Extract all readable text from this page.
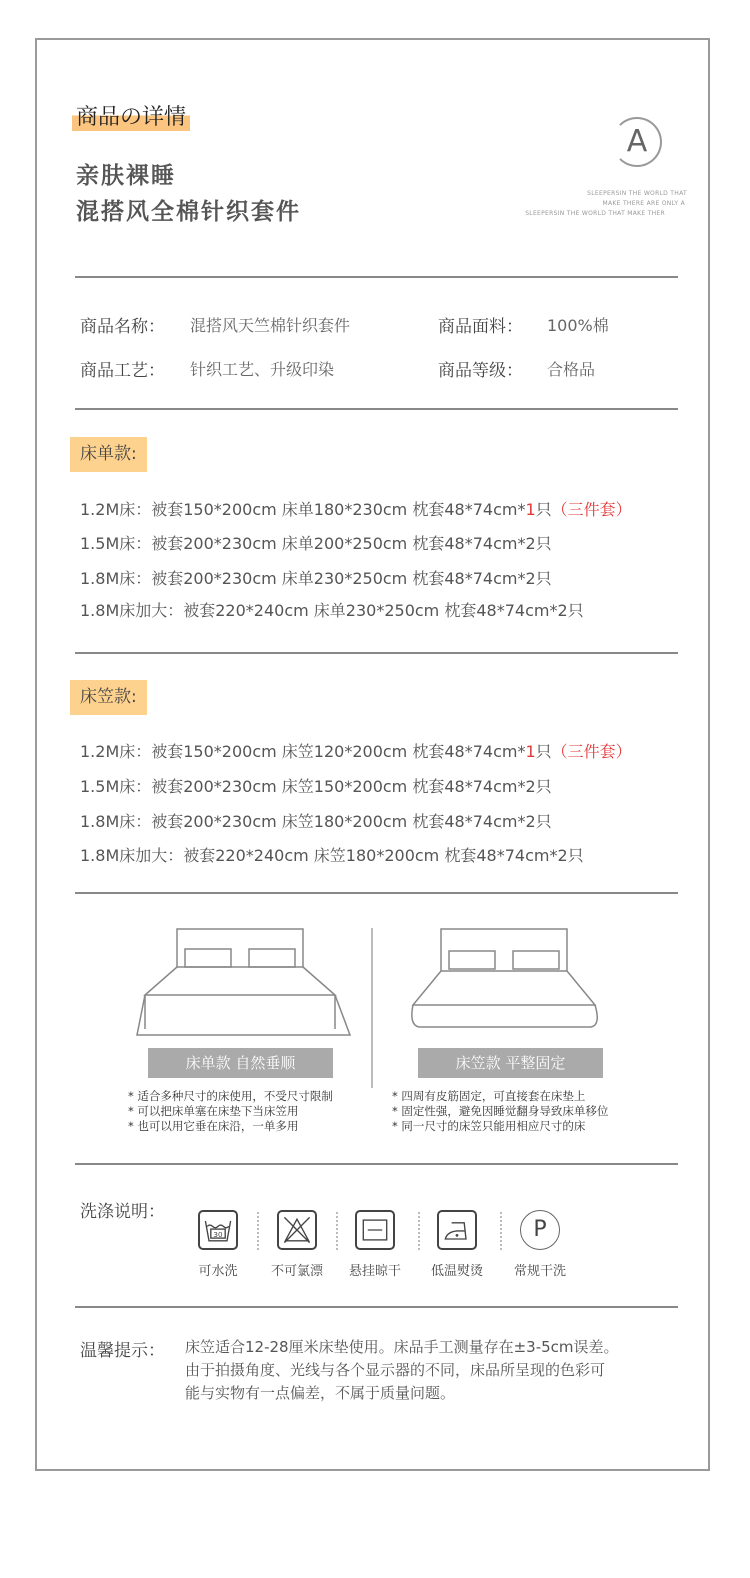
商品の详情
亲肤裸睡
混搭风全棉针织套件
A
SLEEPERSIN THE WORLD THAT
MAKE THERE ARE ONLY A
SLEEPERSIN THE WORLD THAT MAKE THER
商品名称： 混搭风天竺棉针织套件	商品面料： 100%棉
商品工艺： 针织工艺、升级印染	商品等级： 合格品
床单款:
1.2M床：被套150*200cm 床单180*230cm 枕套48*74cm*1只（三件套）
1.5M床：被套200*230cm 床单200*250cm 枕套48*74cm*2只
1.8M床：被套200*230cm 床单230*250cm 枕套48*74cm*2只
1.8M床加大：被套220*240cm 床单230*250cm 枕套48*74cm*2只
床笠款:
1.2M床：被套150*200cm 床笠120*200cm 枕套48*74cm*1只（三件套）
1.5M床：被套200*230cm 床笠150*200cm 枕套48*74cm*2只
1.8M床：被套200*230cm 床笠180*200cm 枕套48*74cm*2只
1.8M床加大：被套220*240cm 床笠180*200cm 枕套48*74cm*2只
床单款 自然垂顺	床笠款 平整固定
* 适合多种尺寸的床使用，不受尺寸限制
* 可以把床单塞在床垫下当床笠用
* 也可以用它垂在床沿，一单多用
* 四周有皮筋固定，可直接套在床垫上
* 固定性强，避免因睡觉翻身导致床单移位
* 同一尺寸的床笠只能用相应尺寸的床
洗涤说明：
30	P
可水洗	不可氯漂	悬挂晾干	低温熨烫	常规干洗
温馨提示： 床笠适合12-28厘米床垫使用。床品手工测量存在±3-5cm误差。
由于拍摄角度、光线与各个显示器的不同，床品所呈现的色彩可
能与实物有一点偏差，不属于质量问题。
